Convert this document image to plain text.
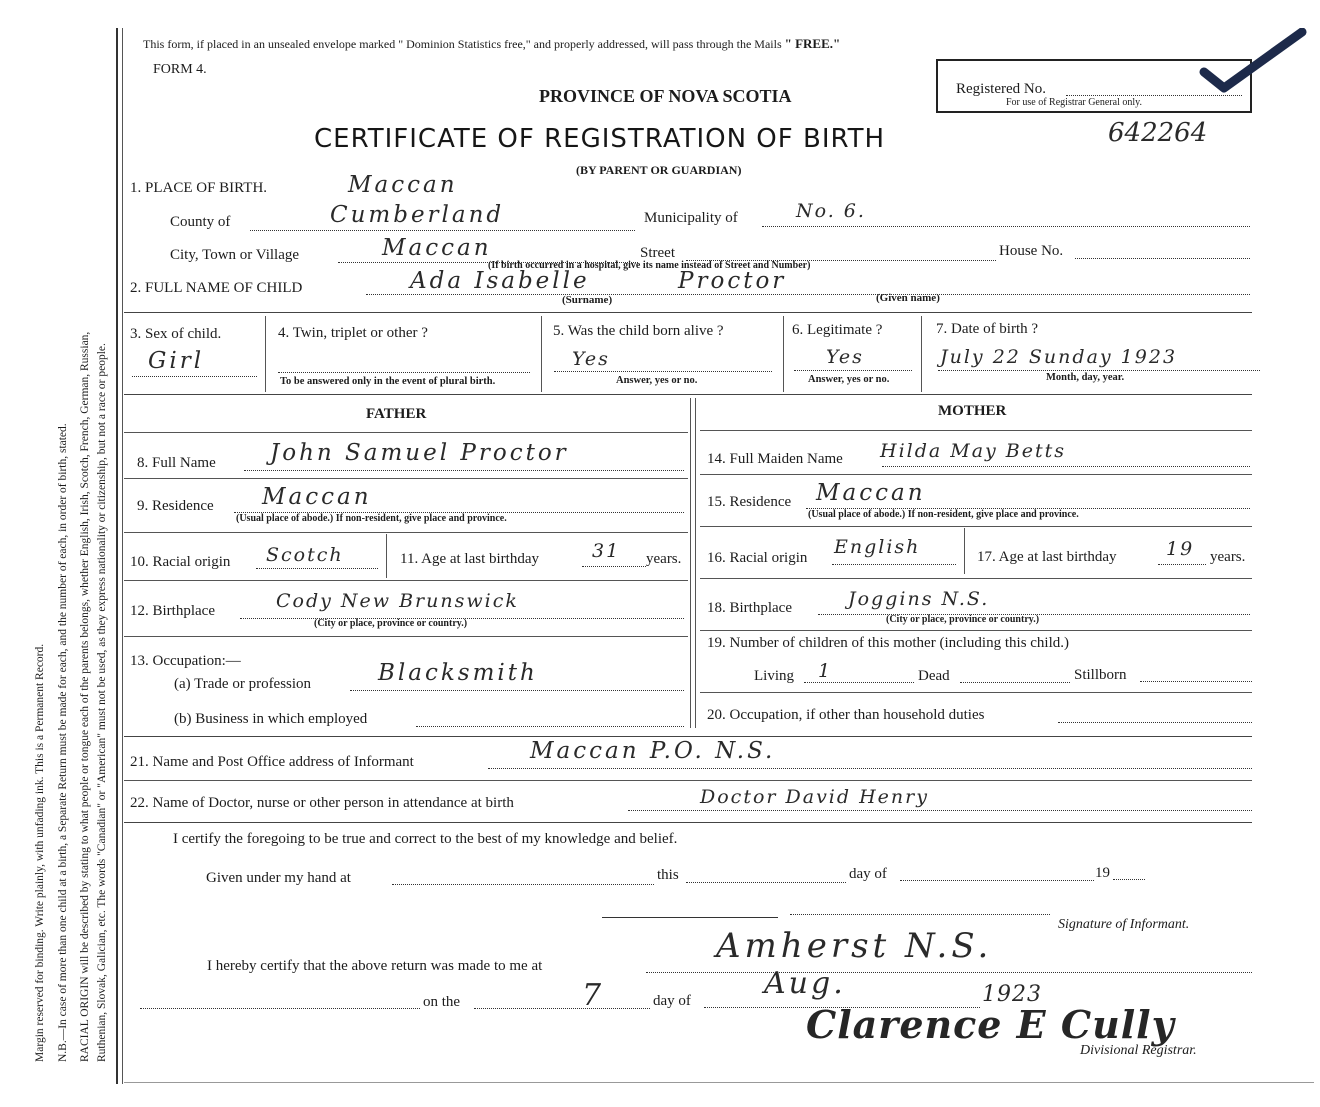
Margin reserved for binding. Write plainly, with unfading ink. This is a Permanent Record. N.B.—In case of more than one child at a birth, a Separate Return must be made for each, and the number of each, in order of birth, stated. RACIAL ORIGIN will be described by stating to what people or tongue each of the parents belongs, whether English, Irish, Scotch, French, German, Russian, Ruthenian, Slovak, Galician, etc. The words "Canadian" or "American" must not be used, as they express nationality or citizenship, but not a race or people.
This form, if placed in an unsealed envelope marked " Dominion Statistics free," and properly addressed, will pass through the Mails " FREE."
FORM 4.
Registered No.
For use of Registrar General only.
PROVINCE OF NOVA SCOTIA
CERTIFICATE OF REGISTRATION OF BIRTH	642264
(BY PARENT OR GUARDIAN)
1. PLACE OF BIRTH.	Maccan
County of	Cumberland	Municipality of	No. 6.
City, Town or Village	Maccan	Street	House No.
(If birth occurred in a hospital, give its name instead of Street and Number)
2. FULL NAME OF CHILD	Ada Isabelle	Proctor
(Surname)	(Given name)
3. Sex of child.
Girl
4. Twin, triplet or other ?
To be answered only in the event of plural birth.
5. Was the child born alive ?
Yes
Answer, yes or no.
6. Legitimate ?
Yes
Answer, yes or no.
7. Date of birth ?
July 22 Sunday 1923
Month, day, year.
FATHER
8. Full Name John Samuel Proctor
9. Residence Maccan
(Usual place of abode.) If non-resident, give place and province.
10. Racial origin Scotch	11. Age at last birthday	31 years.
12. Birthplace	Cody New Brunswick
(City or place, province or country.)
13. Occupation:—
(a) Trade or profession	Blacksmith
(b) Business in which employed
MOTHER
14. Full Maiden Name Hilda May Betts
15. Residence Maccan
(Usual place of abode.) If non-resident, give place and province.
16. Racial origin English	17. Age at last birthday	19 years.
18. Birthplace	Joggins N.S.
(City or place, province or country.)
19. Number of children of this mother (including this child.)
Living 1	Dead	Stillborn
20. Occupation, if other than household duties
21. Name and Post Office address of Informant	Maccan P.O. N.S.
22. Name of Doctor, nurse or other person in attendance at birth	Doctor David Henry
I certify the foregoing to be true and correct to the best of my knowledge and belief.
Given under my hand at	this	day of	19
Signature of Informant.
I hereby certify that the above return was made to me at	Amherst N.S.
on the	7	day of Aug.	1923
Clarence E Cully
Divisional Registrar.
